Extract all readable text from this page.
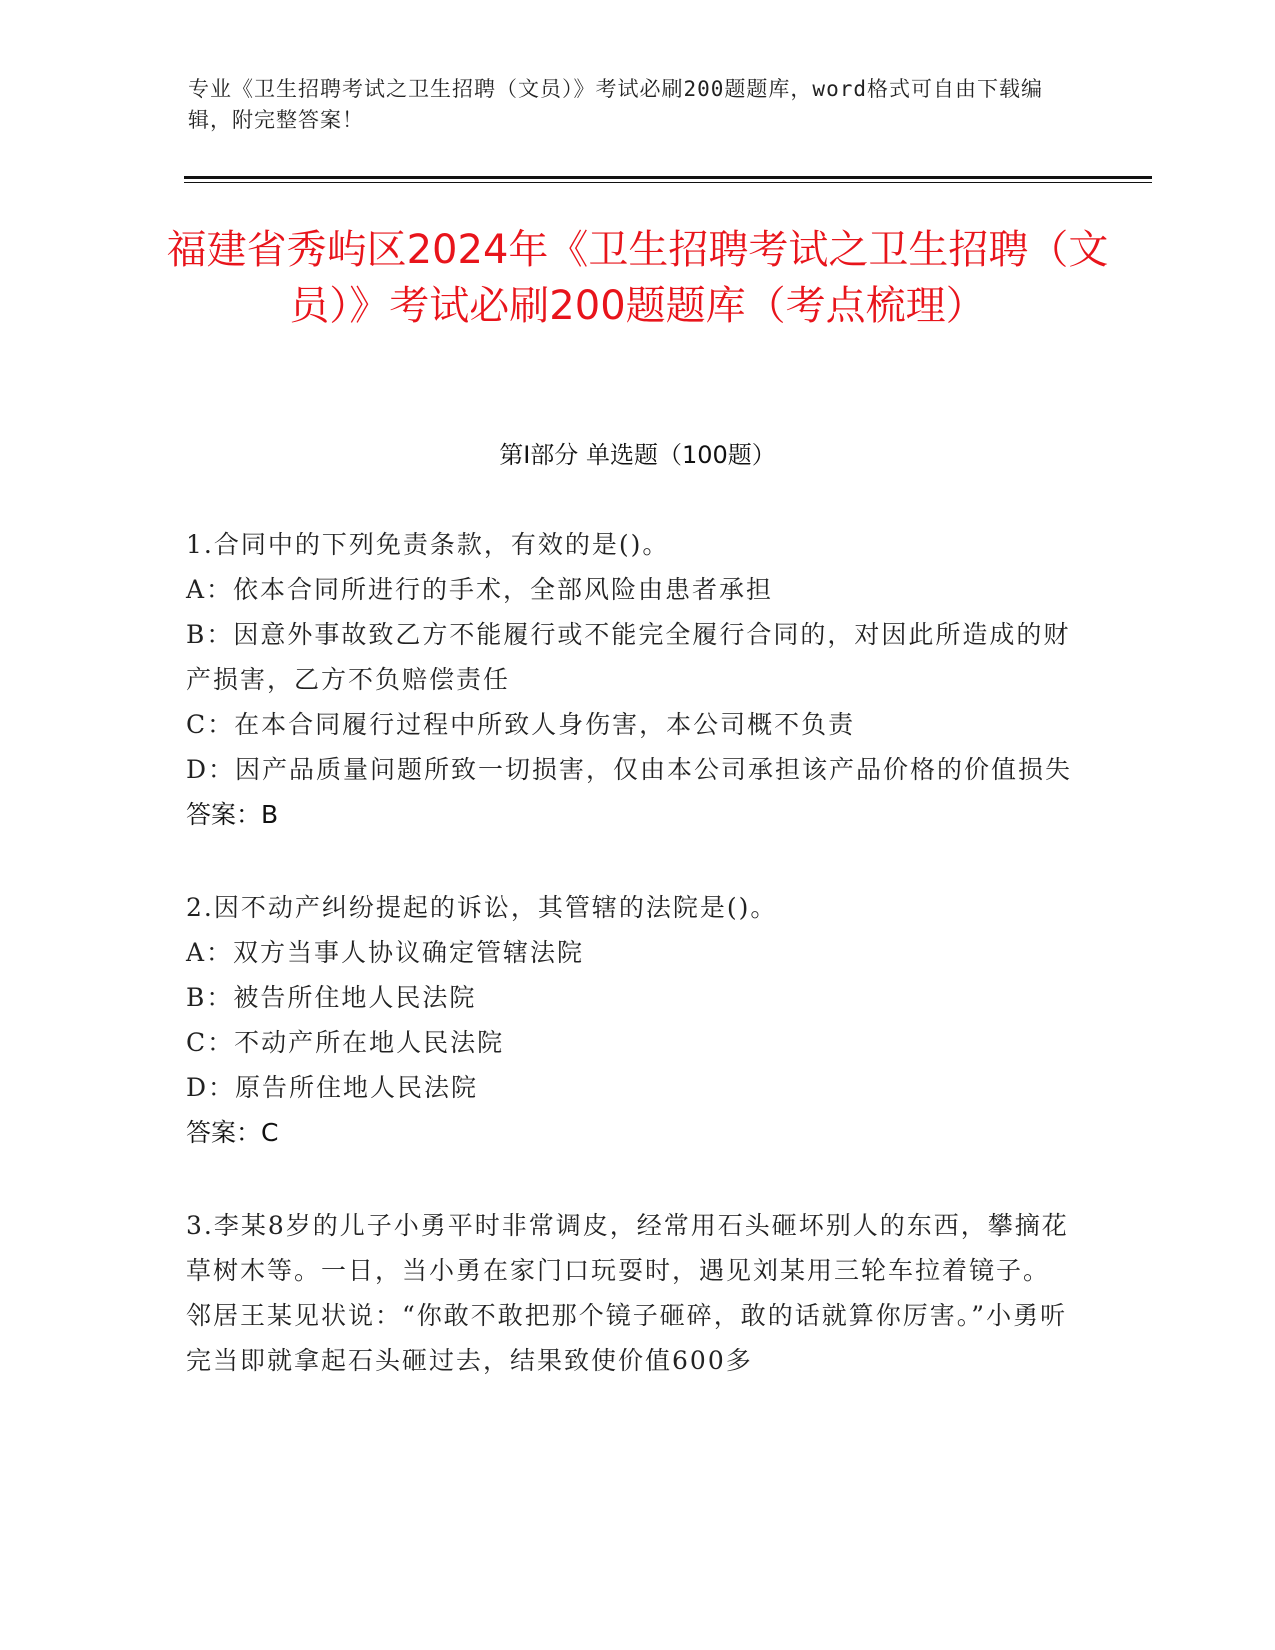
专业《卫生招聘考试之卫生招聘（文员）》考试必刷200题题库，word格式可自由下载编辑，附完整答案！
福建省秀屿区2024年《卫生招聘考试之卫生招聘（文员）》考试必刷200题题库（考点梳理）
第Ⅰ部分 单选题（100题）
1.合同中的下列免责条款，有效的是()。
A：依本合同所进行的手术，全部风险由患者承担
B：因意外事故致乙方不能履行或不能完全履行合同的，对因此所造成的财产损害，乙方不负赔偿责任
C：在本合同履行过程中所致人身伤害，本公司概不负责
D：因产品质量问题所致一切损害，仅由本公司承担该产品价格的价值损失
答案：B
2.因不动产纠纷提起的诉讼，其管辖的法院是()。
A：双方当事人协议确定管辖法院
B：被告所住地人民法院
C：不动产所在地人民法院
D：原告所住地人民法院
答案：C
3.李某8岁的儿子小勇平时非常调皮，经常用石头砸坏别人的东西，攀摘花草树木等。一日，当小勇在家门口玩耍时，遇见刘某用三轮车拉着镜子。邻居王某见状说：“你敢不敢把那个镜子砸碎，敢的话就算你厉害。”小勇听完当即就拿起石头砸过去，结果致使价值600多
